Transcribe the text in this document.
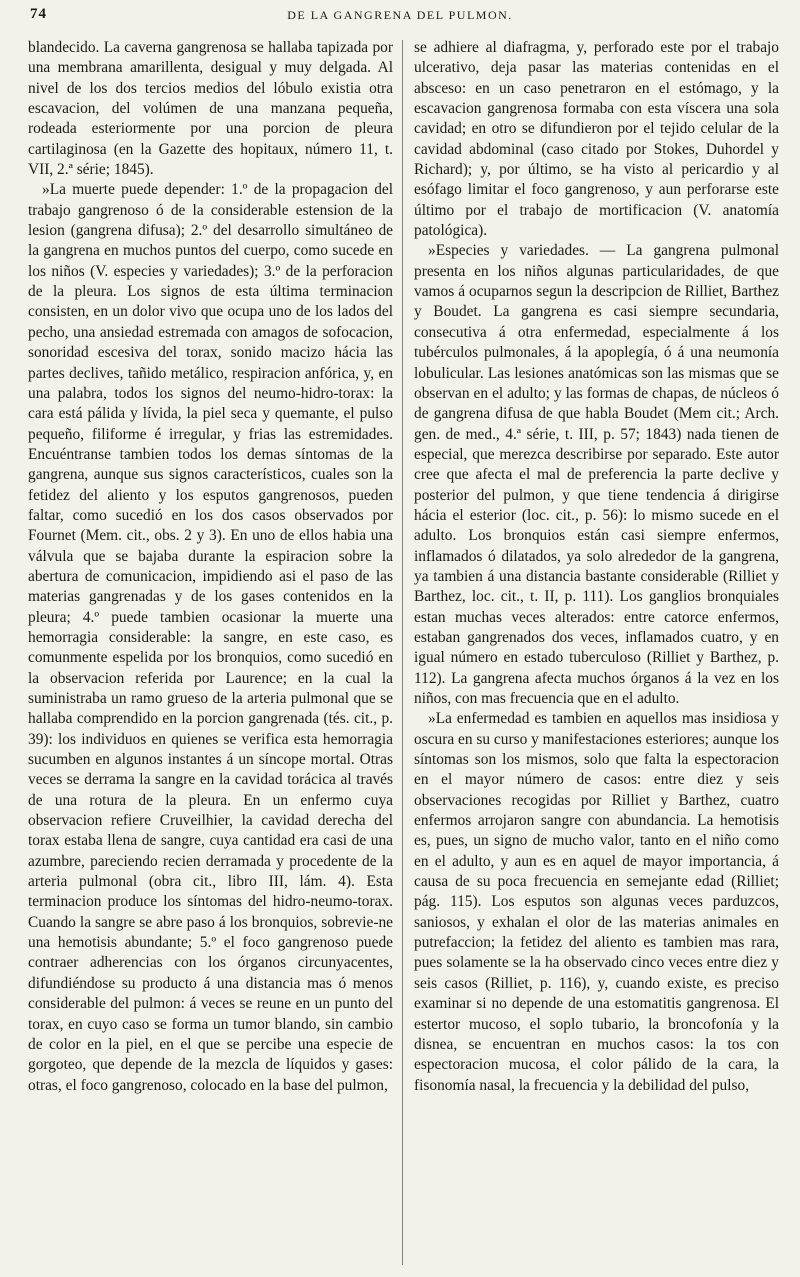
74	DE LA GANGRENA DEL PULMON.

blandecido. La caverna gangrenosa se hallaba tapizada por una membrana amarillenta, desigual y muy delgada. Al nivel de los dos tercios medios del lóbulo existia otra escavacion, del volúmen de una manzana pequeña, rodeada esteriormente por una porcion de pleura cartilaginosa (en la Gazette des hopitaux, número 11, t. VII, 2.ª série; 1845).

»La muerte puede depender: 1.º de la propagacion del trabajo gangrenoso ó de la considerable estension de la lesion (gangrena difusa); 2.º del desarrollo simultáneo de la gangrena en muchos puntos del cuerpo, como sucede en los niños (V. especies y variedades); 3.º de la perforacion de la pleura. Los signos de esta última terminacion consisten, en un dolor vivo que ocupa uno de los lados del pecho, una ansiedad estremada con amagos de sofocacion, sonoridad escesiva del torax, sonido macizo hácia las partes declives, tañido metálico, respiracion anfórica, y, en una palabra, todos los signos del neumo-hidro-torax: la cara está pálida y lívida, la piel seca y quemante, el pulso pequeño, filiforme é irregular, y frias las estremidades. Encuéntranse tambien todos los demas síntomas de la gangrena, aunque sus signos característicos, cuales son la fetidez del aliento y los esputos gangrenosos, pueden faltar, como sucedió en los dos casos observados por Fournet (Mem. cit., obs. 2 y 3). En uno de ellos habia una válvula que se bajaba durante la espiracion sobre la abertura de comunicacion, impidiendo asi el paso de las materias gangrenadas y de los gases contenidos en la pleura; 4.º puede tambien ocasionar la muerte una hemorragia considerable: la sangre, en este caso, es comunmente espelida por los bronquios, como sucedió en la observacion referida por Laurence; en la cual la suministraba un ramo grueso de la arteria pulmonal que se hallaba comprendido en la porcion gangrenada (tés. cit., p. 39): los individuos en quienes se verifica esta hemorragia sucumben en algunos instantes á un síncope mortal. Otras veces se derrama la sangre en la cavidad torácica al través de una rotura de la pleura. En un enfermo cuya observacion refiere Cruveilhier, la cavidad derecha del torax estaba llena de sangre, cuya cantidad era casi de una azumbre, pareciendo recien derramada y procedente de la arteria pulmonal (obra cit., libro III, lám. 4). Esta terminacion produce los síntomas del hidro-neumo-torax. Cuando la sangre se abre paso á los bronquios, sobrevie-ne una hemotisis abundante; 5.º el foco gangrenoso puede contraer adherencias con los órganos circunyacentes, difundiéndose su producto á una distancia mas ó menos considerable del pulmon: á veces se reune en un punto del torax, en cuyo caso se forma un tumor blando, sin cambio de color en la piel, en el que se percibe una especie de gorgoteo, que depende de la mezcla de líquidos y gases: otras, el foco gangrenoso, colocado en la base del pulmon,

se adhiere al diafragma, y, perforado este por el trabajo ulcerativo, deja pasar las materias contenidas en el absceso: en un caso penetraron en el estómago, y la escavacion gangrenosa formaba con esta víscera una sola cavidad; en otro se difundieron por el tejido celular de la cavidad abdominal (caso citado por Stokes, Duhordel y Richard); y, por último, se ha visto al pericardio y al esófago limitar el foco gangrenoso, y aun perforarse este último por el trabajo de mortificacion (V. anatomía patológica).

»Especies y variedades. — La gangrena pulmonal presenta en los niños algunas particularidades, de que vamos á ocuparnos segun la descripcion de Rilliet, Barthez y Boudet. La gangrena es casi siempre secundaria, consecutiva á otra enfermedad, especialmente á los tubérculos pulmonales, á la apoplegía, ó á una neumonía lobulicular. Las lesiones anatómicas son las mismas que se observan en el adulto; y las formas de chapas, de núcleos ó de gangrena difusa de que habla Boudet (Mem cit.; Arch. gen. de med., 4.ª série, t. III, p. 57; 1843) nada tienen de especial, que merezca describirse por separado. Este autor cree que afecta el mal de preferencia la parte declive y posterior del pulmon, y que tiene tendencia á dirigirse hácia el esterior (loc. cit., p. 56): lo mismo sucede en el adulto. Los bronquios están casi siempre enfermos, inflamados ó dilatados, ya solo alrededor de la gangrena, ya tambien á una distancia bastante considerable (Rilliet y Barthez, loc. cit., t. II, p. 111). Los ganglios bronquiales estan muchas veces alterados: entre catorce enfermos, estaban gangrenados dos veces, inflamados cuatro, y en igual número en estado tuberculoso (Rilliet y Barthez, p. 112). La gangrena afecta muchos órganos á la vez en los niños, con mas frecuencia que en el adulto.

»La enfermedad es tambien en aquellos mas insidiosa y oscura en su curso y manifestaciones esteriores; aunque los síntomas son los mismos, solo que falta la espectoracion en el mayor número de casos: entre diez y seis observaciones recogidas por Rilliet y Barthez, cuatro enfermos arrojaron sangre con abundancia. La hemotisis es, pues, un signo de mucho valor, tanto en el niño como en el adulto, y aun es en aquel de mayor importancia, á causa de su poca frecuencia en semejante edad (Rilliet; pág. 115). Los esputos son algunas veces parduzcos, saniosos, y exhalan el olor de las materias animales en putrefaccion; la fetidez del aliento es tambien mas rara, pues solamente se la ha observado cinco veces entre diez y seis casos (Rilliet, p. 116), y, cuando existe, es preciso examinar si no depende de una estomatitis gangrenosa. El estertor mucoso, el soplo tubario, la broncofonía y la disnea, se encuentran en muchos casos: la tos con espectoracion mucosa, el color pálido de la cara, la fisonomía nasal, la frecuencia y la debilidad del pulso,
